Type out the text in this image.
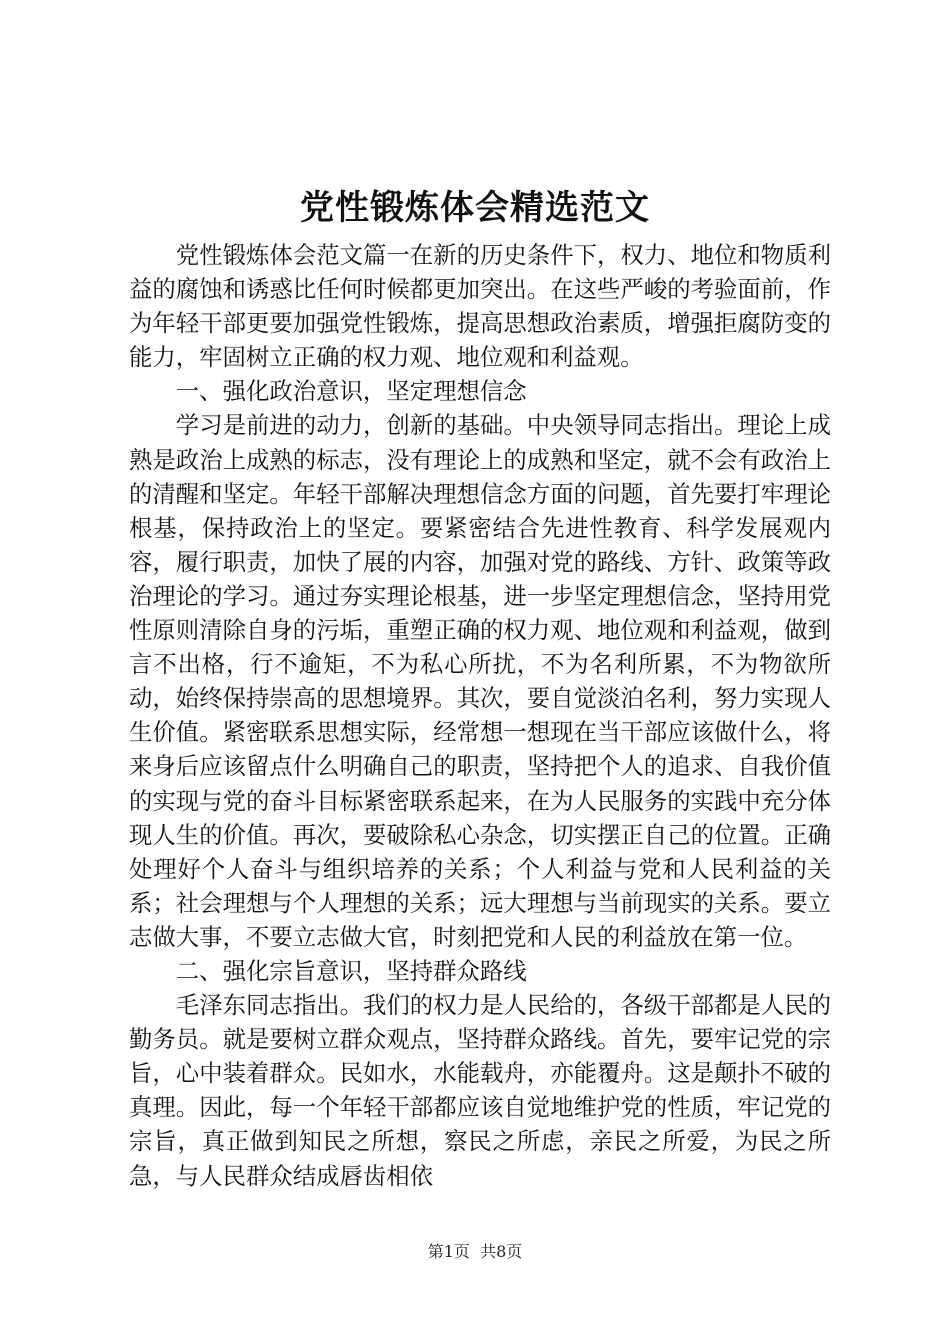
党性锻炼体会精选范文

党性锻炼体会范文篇一在新的历史条件下，权力、地位和物质利益的腐蚀和诱惑比任何时候都更加突出。在这些严峻的考验面前，作为年轻干部更要加强党性锻炼，提高思想政治素质，增强拒腐防变的能力，牢固树立正确的权力观、地位观和利益观。

一、强化政治意识，坚定理想信念

学习是前进的动力，创新的基础。中央领导同志指出。理论上成熟是政治上成熟的标志，没有理论上的成熟和坚定，就不会有政治上的清醒和坚定。年轻干部解决理想信念方面的问题，首先要打牢理论根基，保持政治上的坚定。要紧密结合先进性教育、科学发展观内容，履行职责，加快了展的内容，加强对党的路线、方针、政策等政治理论的学习。通过夯实理论根基，进一步坚定理想信念，坚持用党性原则清除自身的污垢，重塑正确的权力观、地位观和利益观，做到言不出格，行不逾矩，不为私心所扰，不为名利所累，不为物欲所动，始终保持崇高的思想境界。其次，要自觉淡泊名利，努力实现人生价值。紧密联系思想实际，经常想一想现在当干部应该做什么，将来身后应该留点什么明确自己的职责，坚持把个人的追求、自我价值的实现与党的奋斗目标紧密联系起来，在为人民服务的实践中充分体现人生的价值。再次，要破除私心杂念，切实摆正自己的位置。正确处理好个人奋斗与组织培养的关系；个人利益与党和人民利益的关系；社会理想与个人理想的关系；远大理想与当前现实的关系。要立志做大事，不要立志做大官，时刻把党和人民的利益放在第一位。

二、强化宗旨意识，坚持群众路线

毛泽东同志指出。我们的权力是人民给的，各级干部都是人民的勤务员。就是要树立群众观点，坚持群众路线。首先，要牢记党的宗旨，心中装着群众。民如水，水能载舟，亦能覆舟。这是颠扑不破的真理。因此，每一个年轻干部都应该自觉地维护党的性质，牢记党的宗旨，真正做到知民之所想，察民之所虑，亲民之所爱，为民之所急，与人民群众结成唇齿相依

第1页 共8页
